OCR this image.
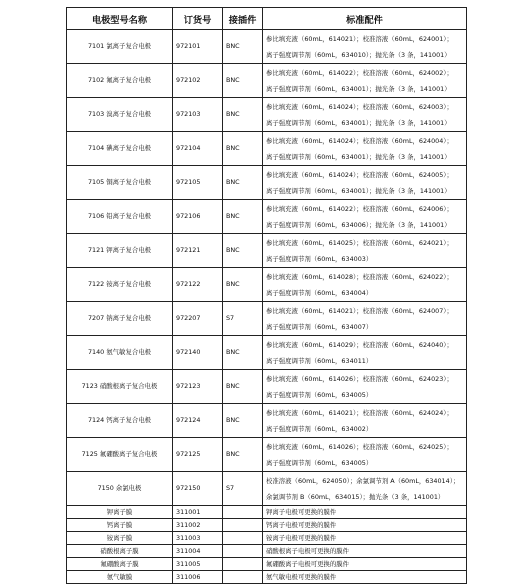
电极型号名称	订货号	接插件	标准配件
7101 氯离子复合电极	972101	BNC	参比填充液（60mL，614021）；校准溶液（60mL，624001）；
离子强度调节剂（60mL，634010）；抛光条（3 条，141001）

7102 氟离子复合电极	972102	BNC	参比填充液（60mL，614022）；校准溶液（60mL，624002）；
离子强度调节剂（60mL，634001）；抛光条（3 条，141001）

7103 溴离子复合电极	972103	BNC	参比填充液（60mL，614024）；校准溶液（60mL，624003）；
离子强度调节剂（60mL，634001）；抛光条（3 条，141001）

7104 碘离子复合电极	972104	BNC	参比填充液（60mL，614024）；校准溶液（60mL，624004）；
离子强度调节剂（60mL，634001）；抛光条（3 条，141001）

7105 铜离子复合电极	972105	BNC	参比填充液（60mL，614024）；校准溶液（60mL，624005）；
离子强度调节剂（60mL，634001）；抛光条（3 条，141001）

7106 铅离子复合电极	972106	BNC	参比填充液（60mL，614022）；校准溶液（60mL，624006）；
离子强度调节剂（60mL，634006）；抛光条（3 条，141001）

7121 钾离子复合电极	972121	BNC	参比填充液（60mL，614025）；校准溶液（60mL，624021）；
离子强度调节剂（60mL，634003）

7122 铵离子复合电极	972122	BNC	参比填充液（60mL，614028）；校准溶液（60mL，624022）；
离子强度调节剂（60mL，634004）

7207 钠离子复合电极	972207	S7	参比填充液（60mL，614021）；校准溶液（60mL，624007）；
离子强度调节剂（60mL，634007）

7140 氨气敏复合电极	972140	BNC	参比填充液（60mL，614029）；校准溶液（60mL，624040）；
离子强度调节剂（60mL，634011）

7123 硝酸根离子复合电极	972123	BNC	参比填充液（60mL，614026）；校准溶液（60mL，624023）；
离子强度调节剂（60mL，634005）

7124 钙离子复合电极	972124	BNC	参比填充液（60mL，614021）；校准溶液（60mL，624024）；
离子强度调节剂（60mL，634002）

7125 氟硼酸离子复合电极	972125	BNC	参比填充液（60mL，614026）；校准溶液（60mL，624025）；
离子强度调节剂（60mL，634005）

7150 余氯电极	972150	S7	校准溶液（60mL，624050）；余氯调节剂 A（60mL，634014）；
余氯调节剂 B（60mL，634015）；抛光条（3 条，141001）

钾离子膜	311001		钾离子电极可更换的膜件
钙离子膜	311002		钙离子电极可更换的膜件
铵离子膜	311003		铵离子电极可更换的膜件
硝酸根离子膜	311004		硝酸根离子电极可更换的膜件
氟硼酸离子膜	311005		氟硼酸离子电极可更换的膜件
氨气敏膜	311006		氨气敏电极可更换的膜件
